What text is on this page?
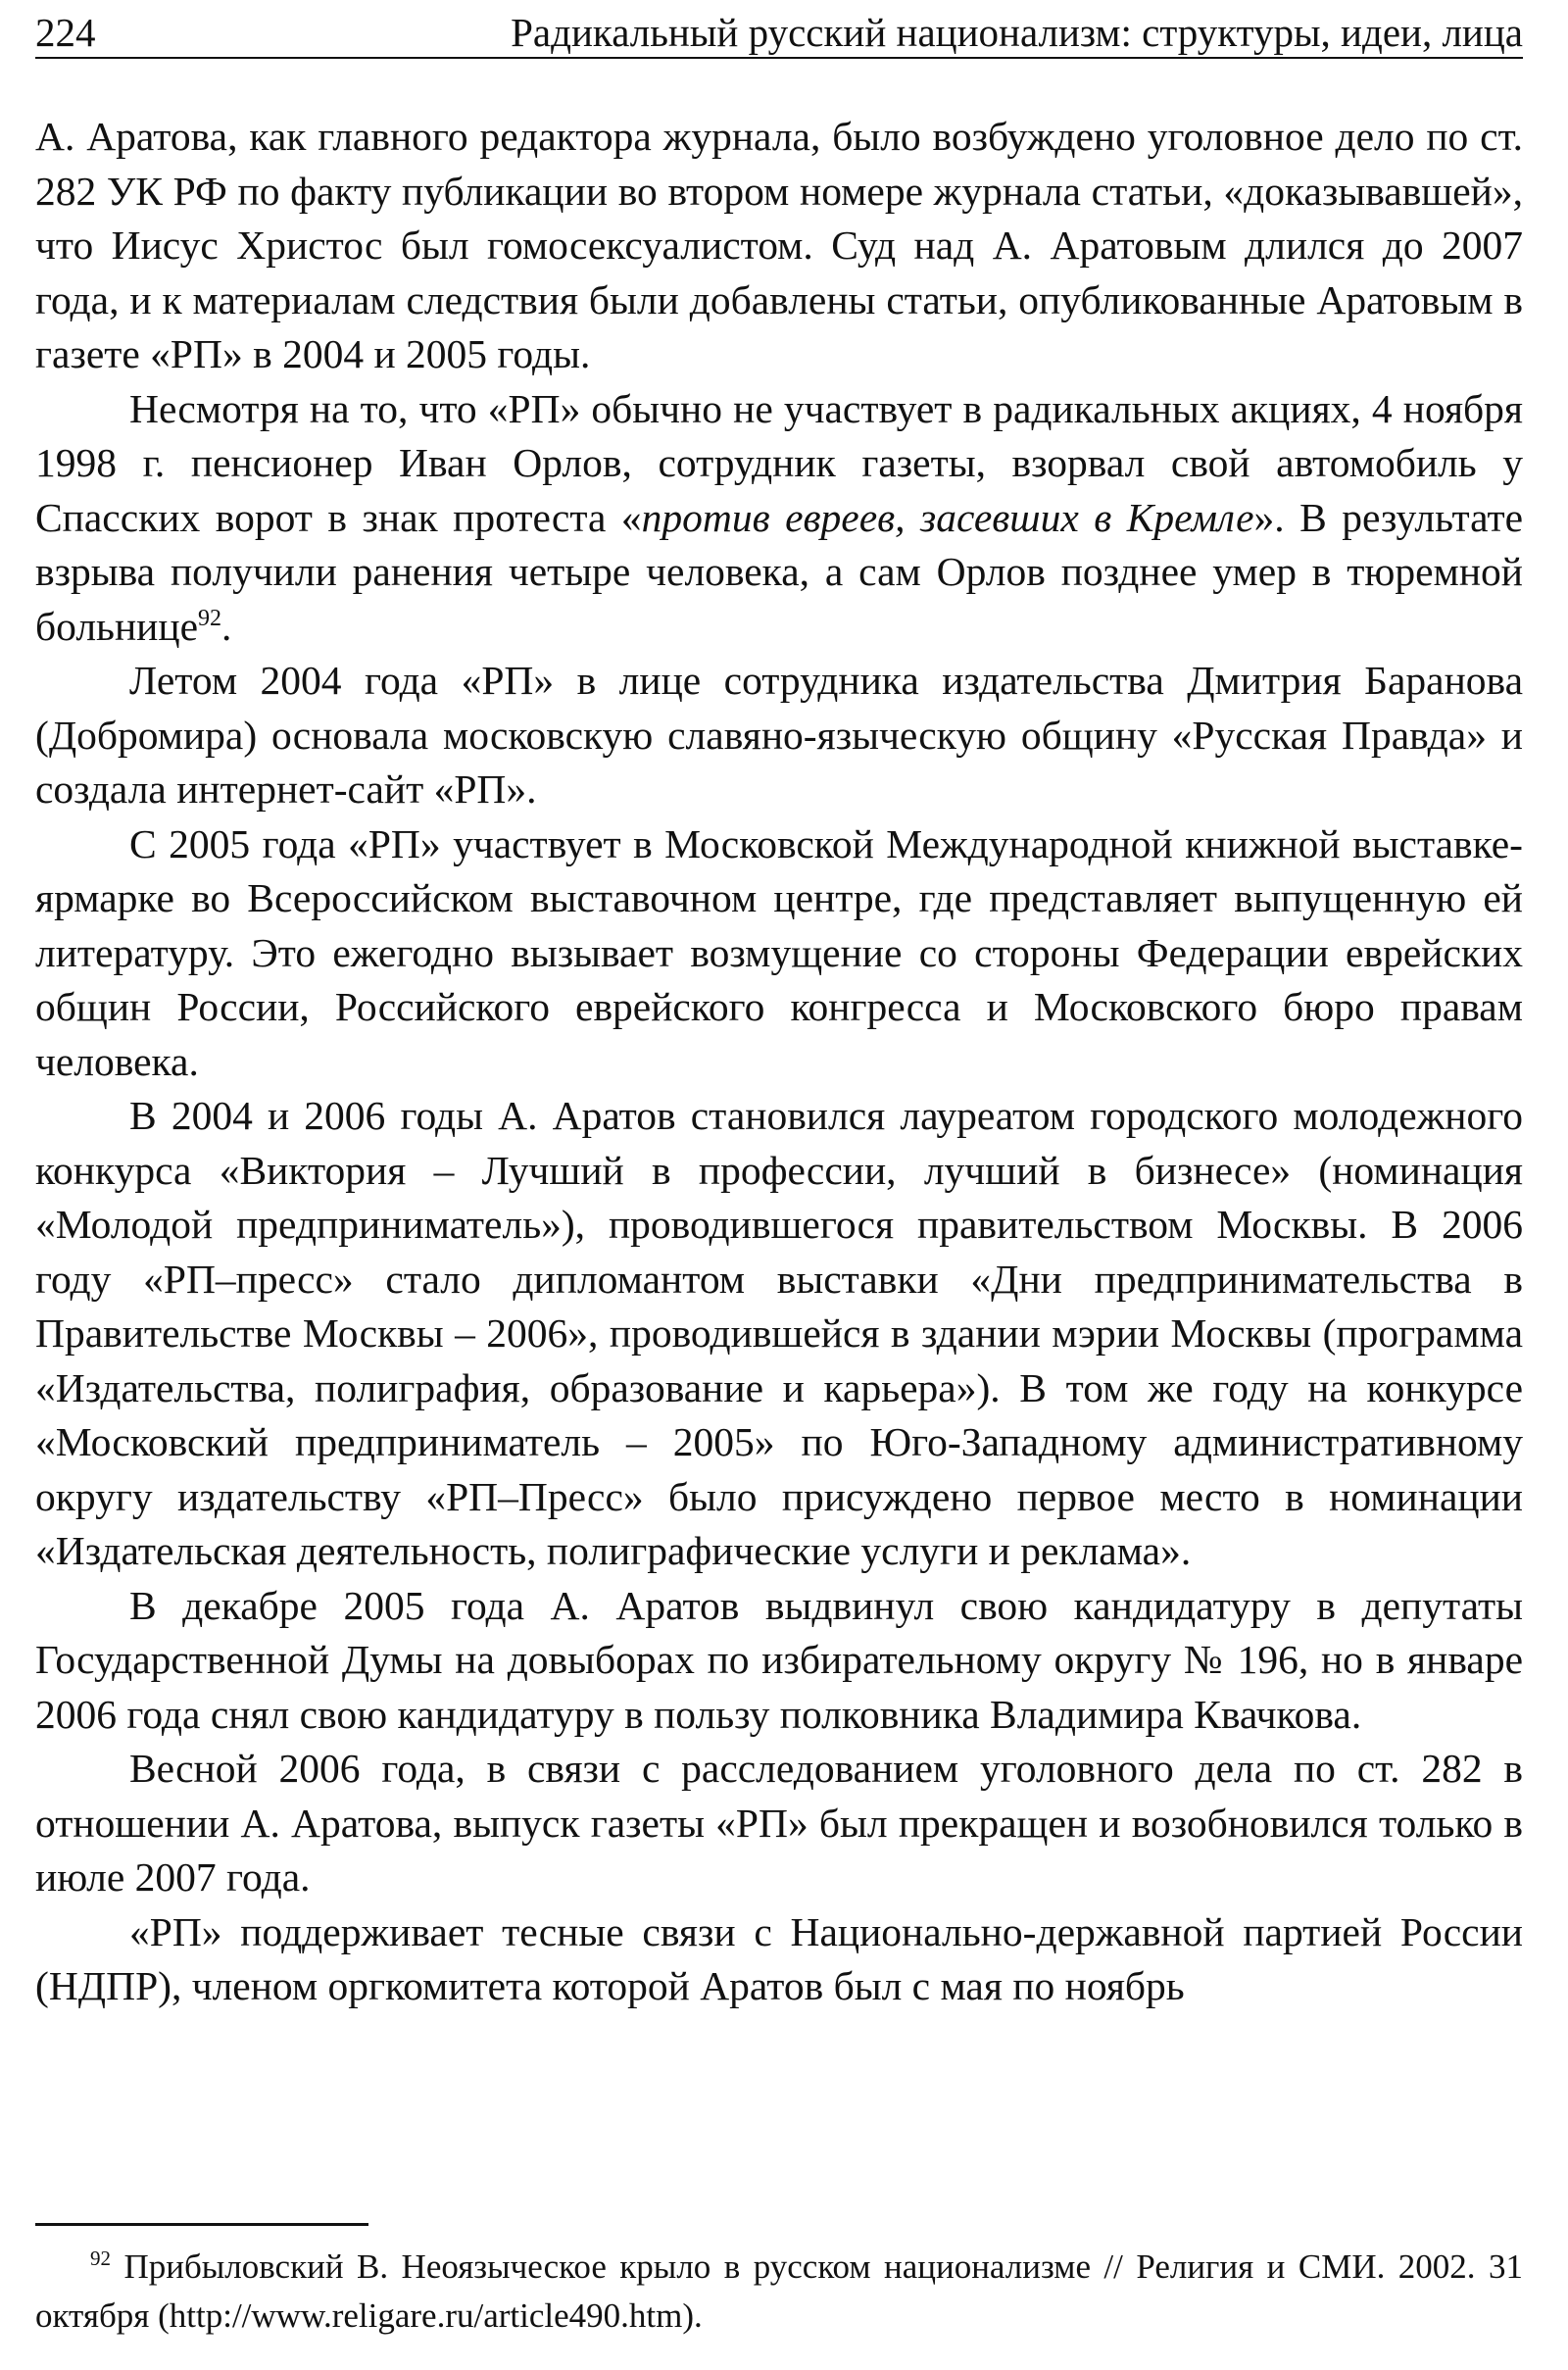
224	Радикальный русский национализм: структуры, идеи, лица

А. Аратова, как главного редактора журнала, было возбуждено уголовное дело по ст. 282 УК РФ по факту публикации во втором номере журнала статьи, «доказывавшей», что Иисус Христос был гомосексуалистом. Суд над А. Аратовым длился до 2007 года, и к материалам следствия были добавлены статьи, опубликованные Аратовым в газете «РП» в 2004 и 2005 годы.

Несмотря на то, что «РП» обычно не участвует в радикальных акциях, 4 ноября 1998 г. пенсионер Иван Орлов, сотрудник газеты, взорвал свой автомобиль у Спасских ворот в знак протеста «против евреев, засевших в Кремле». В результате взрыва получили ранения четыре человека, а сам Орлов позднее умер в тюремной больнице$^{92}$.

Летом 2004 года «РП» в лице сотрудника издательства Дмитрия Баранова (Добромира) основала московскую славяно-языческую общину «Русская Правда» и создала интернет-сайт «РП».

С 2005 года «РП» участвует в Московской Международной книжной выставке-ярмарке во Всероссийском выставочном центре, где представляет выпущенную ей литературу. Это ежегодно вызывает возмущение со стороны Федерации еврейских общин России, Российского еврейского конгресса и Московского бюро правам человека.

В 2004 и 2006 годы А. Аратов становился лауреатом городского молодежного конкурса «Виктория – Лучший в профессии, лучший в бизнесе» (номинация «Молодой предприниматель»), проводившегося правительством Москвы. В 2006 году «РП–пресс» стало дипломантом выставки «Дни предпринимательства в Правительстве Москвы – 2006», проводившейся в здании мэрии Москвы (программа «Издательства, полиграфия, образование и карьера»). В том же году на конкурсе «Московский предприниматель – 2005» по Юго-Западному административному округу издательству «РП–Пресс» было присуждено первое место в номинации «Издательская деятельность, полиграфические услуги и реклама».

В декабре 2005 года А. Аратов выдвинул свою кандидатуру в депутаты Государственной Думы на довыборах по избирательному округу № 196, но в январе 2006 года снял свою кандидатуру в пользу полковника Владимира Квачкова.

Весной 2006 года, в связи с расследованием уголовного дела по ст. 282 в отношении А. Аратова, выпуск газеты «РП» был прекращен и возобновился только в июле 2007 года.

«РП» поддерживает тесные связи с Национально-державной партией России (НДПР), членом оргкомитета которой Аратов был с мая по ноябрь

$^{92}$ Прибыловский В. Неоязыческое крыло в русском национализме // Религия и СМИ. 2002. 31 октября (http://www.religare.ru/article490.htm).
